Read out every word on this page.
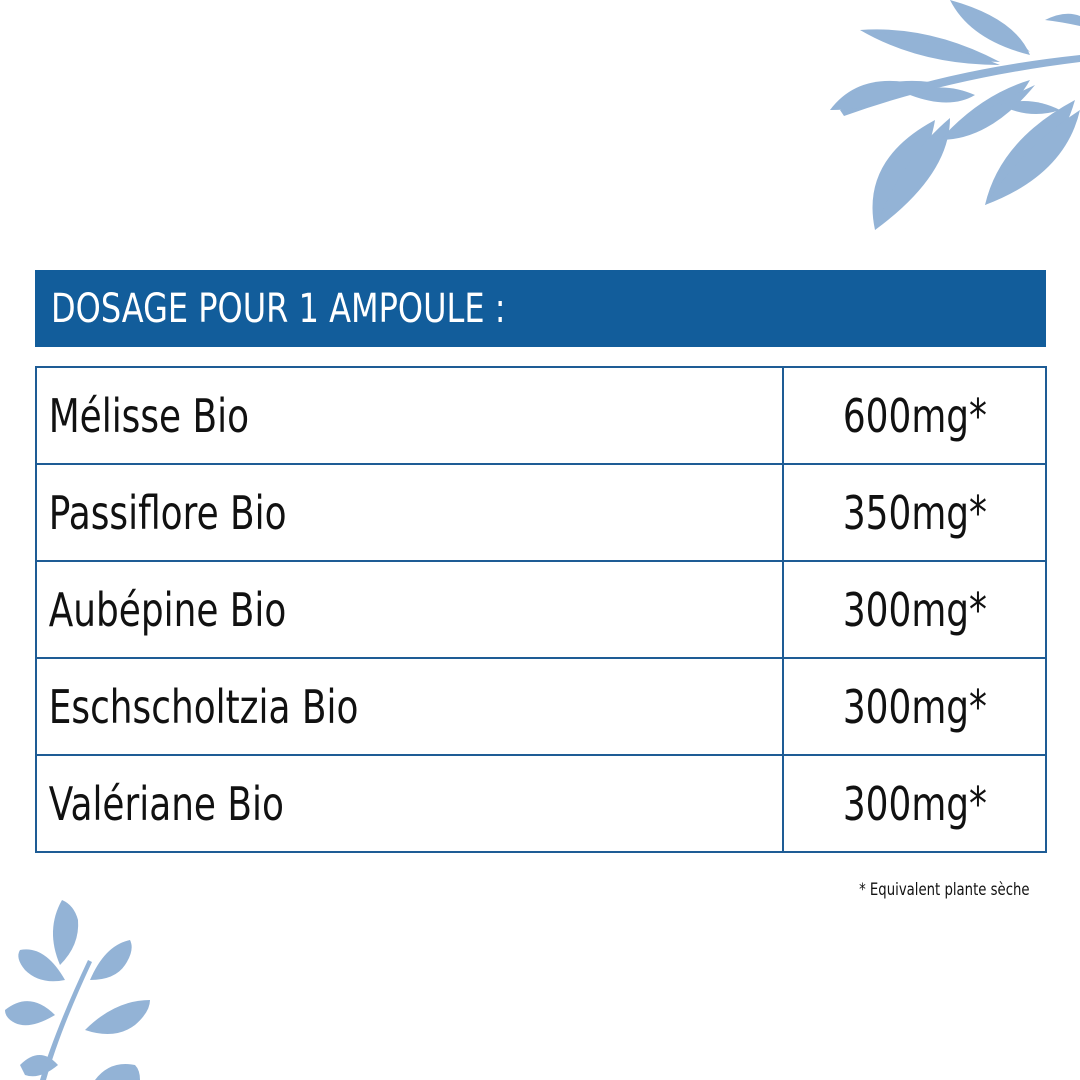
DOSAGE POUR 1 AMPOULE :
Mélisse Bio	600mg*

Passiflore Bio	350mg*

Aubépine Bio	300mg*

Eschscholtzia Bio	300mg*

Valériane Bio	300mg*
* Equivalent plante sèche
